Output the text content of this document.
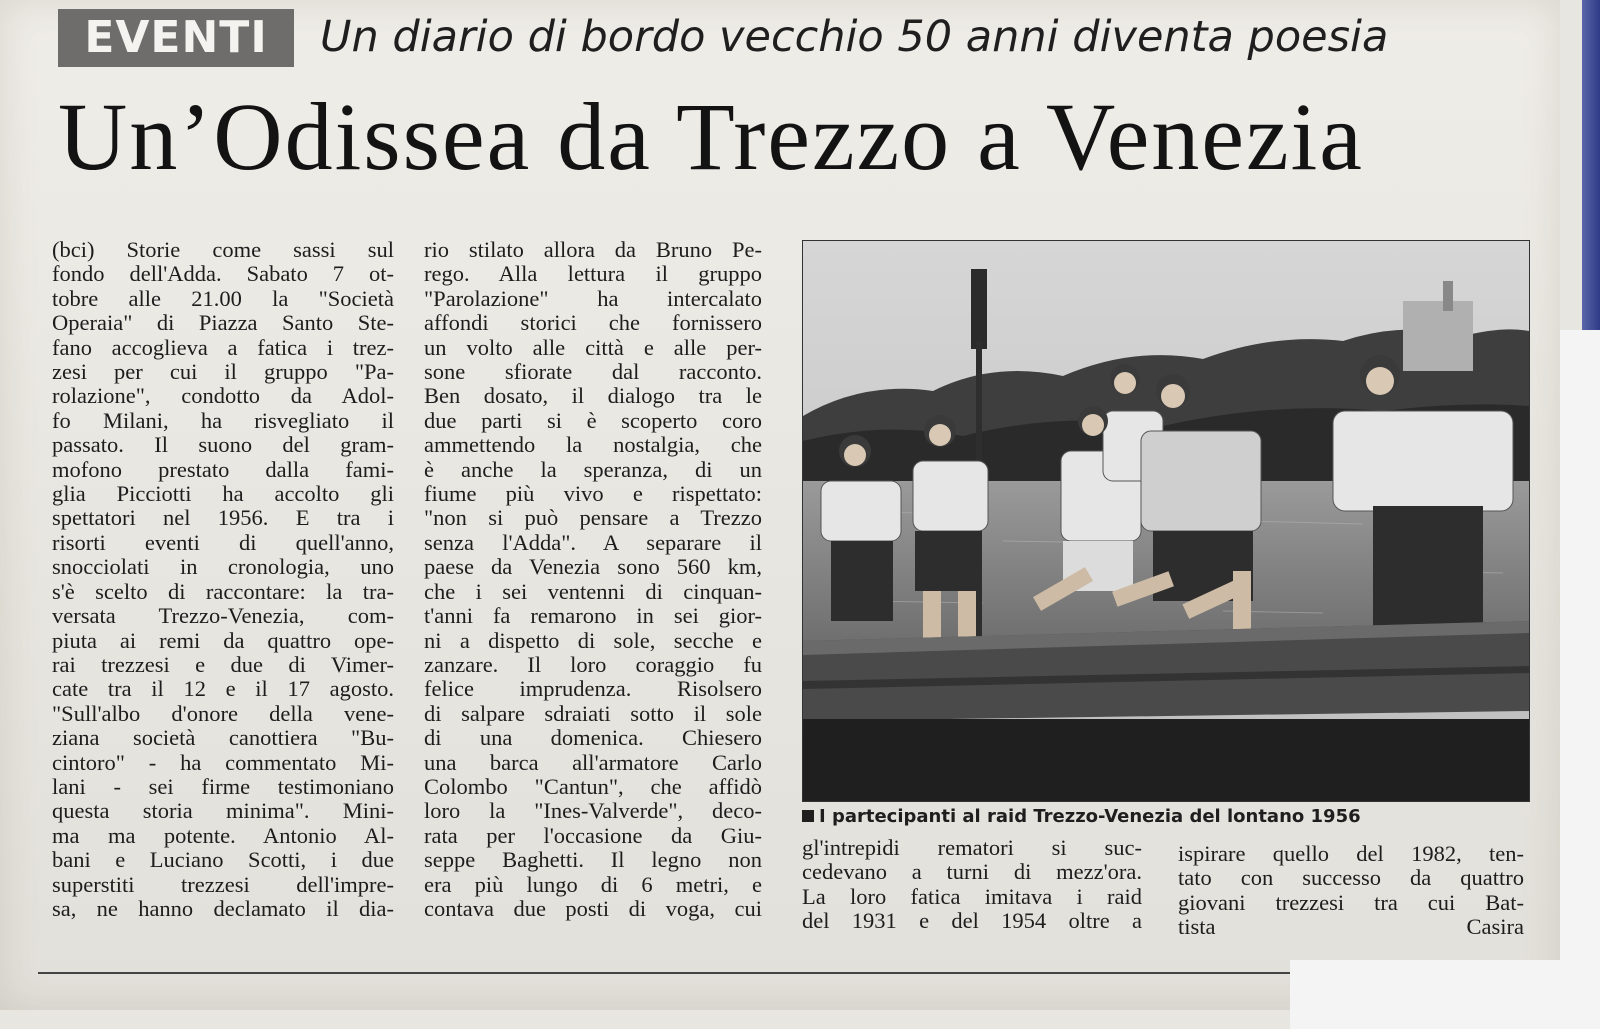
EVENTI	Un diario di bordo vecchio 50 anni diventa poesia
Un’Odissea da Trezzo a Venezia
(bci) Storie come sassi sul
fondo dell'Adda. Sabato 7 ot-
tobre alle 21.00 la "Società
Operaia" di Piazza Santo Ste-
fano accoglieva a fatica i trez-
zesi per cui il gruppo "Pa-
rolazione", condotto da Adol-
fo Milani, ha risvegliato il
passato. Il suono del gram-
mofono prestato dalla fami-
glia Picciotti ha accolto gli
spettatori nel 1956. E tra i
risorti eventi di quell'anno,
snocciolati in cronologia, uno
s'è scelto di raccontare: la tra-
versata Trezzo-Venezia, com-
piuta ai remi da quattro ope-
rai trezzesi e due di Vimer-
cate tra il 12 e il 17 agosto.
"Sull'albo d'onore della vene-
ziana società canottiera "Bu-
cintoro" - ha commentato Mi-
lani - sei firme testimoniano
questa storia minima". Mini-
ma ma potente. Antonio Al-
bani e Luciano Scotti, i due
superstiti trezzesi dell'impre-
sa, ne hanno declamato il dia-
rio stilato allora da Bruno Pe-
rego. Alla lettura il gruppo
"Parolazione" ha intercalato
affondi storici che fornissero
un volto alle città e alle per-
sone sfiorate dal racconto.
Ben dosato, il dialogo tra le
due parti si è scoperto coro
ammettendo la nostalgia, che
è anche la speranza, di un
fiume più vivo e rispettato:
"non si può pensare a Trezzo
senza l'Adda". A separare il
paese da Venezia sono 560 km,
che i sei ventenni di cinquan-
t'anni fa remarono in sei gior-
ni a dispetto di sole, secche e
zanzare. Il loro coraggio fu
felice imprudenza. Risolsero
di salpare sdraiati sotto il sole
di una domenica. Chiesero
una barca all'armatore Carlo
Colombo "Cantun", che affidò
loro la "Ines-Valverde", deco-
rata per l'occasione da Giu-
seppe Baghetti. Il legno non
era più lungo di 6 metri, e
contava due posti di voga, cui
I partecipanti al raid Trezzo-Venezia del lontano 1956
gl'intrepidi rematori si suc-
cedevano a turni di mezz'ora.
La loro fatica imitava i raid
del 1931 e del 1954 oltre a
ispirare quello del 1982, ten-
tato con successo da quattro
giovani trezzesi tra cui Bat-
tista Casira
